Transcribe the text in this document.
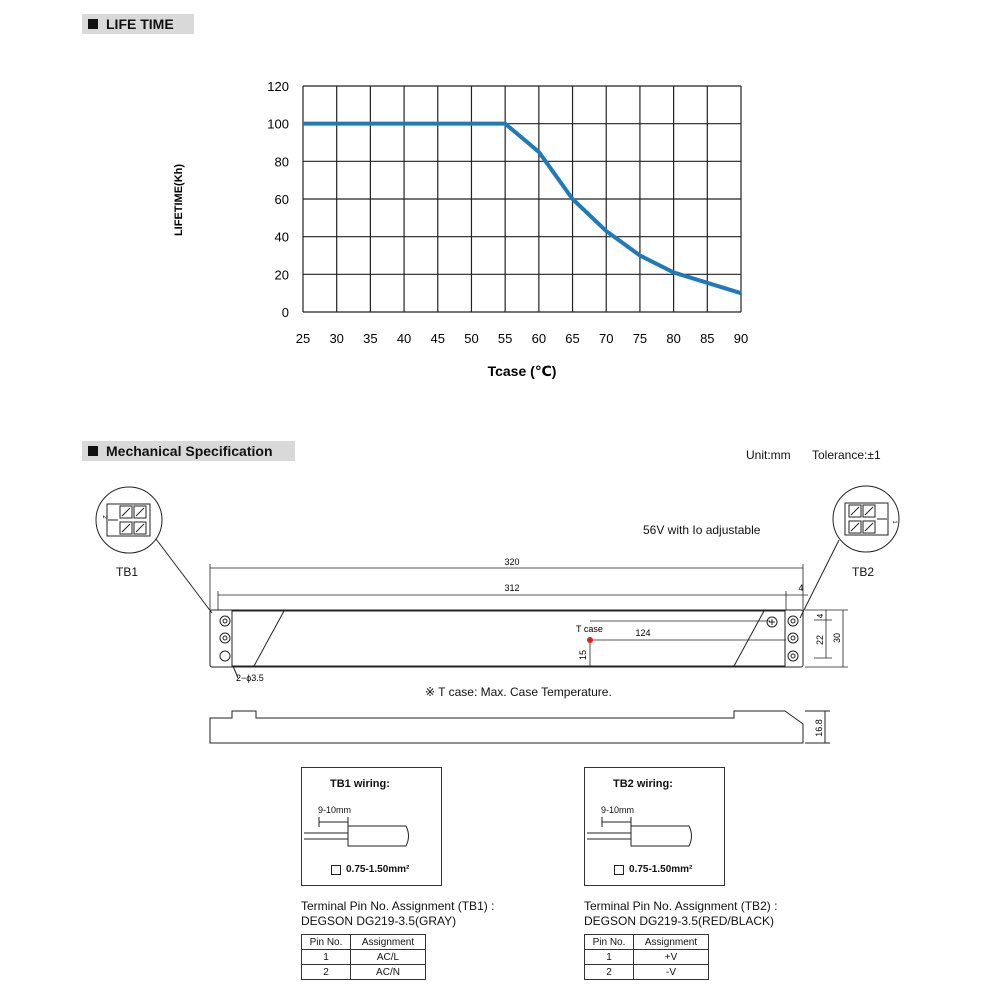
LIFE TIME
25 30 35 40 45 50 55 60 65 70 75 80 85 90
0
20
40
60
80
100
120
LIFETIME(Kh)
Tcase (℃)
Mechanical Specification	Unit:mm Tolerance:±1
320
312	4
124
15
4
22 30
16.8
2−ϕ3.5
T case
1
2
TB1	TB2
56V with Io adjustable
※ T case: Max. Case Temperature.
TB1 wiring:
9-10mm
0.75-1.50mm²
Terminal Pin No. Assignment (TB1) :
DEGSON DG219-3.5(GRAY)
Pin No.	Assignment
1	AC/L
2	AC/N
TB2 wiring:
9-10mm
0.75-1.50mm²
Terminal Pin No. Assignment (TB2) :
DEGSON DG219-3.5(RED/BLACK)
Pin No.	Assignment
1	+V
2	-V
